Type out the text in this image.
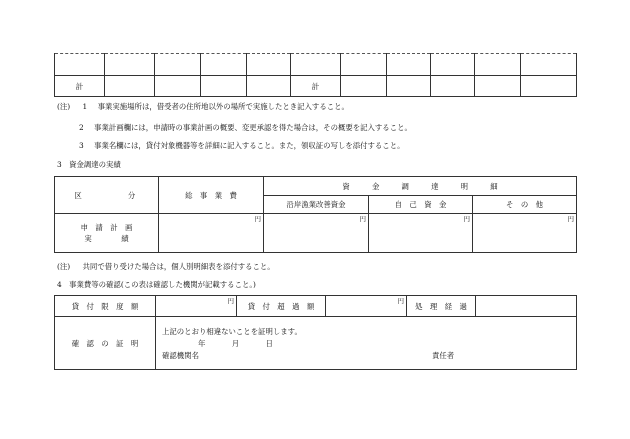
計					計					
(注) 1 事業実施場所は，借受者の住所地以外の場所で実施したとき記入すること。
2 事業計画欄には，申請時の事業計画の概要、変更承認を得た場合は，その概要を記入すること。
3 事業名欄には，貸付対象機器等を詳細に記入すること。また，領収証の写しを添付すること。
3　資金調達の実績
区　　　　分	総　事　業　費	資　　　金　　　調　　　達　　　明　　　細		
		沿岸漁業改善資金	自　己　資　金	そ　の　他

申　請　計　画
実　　　　績	円	円	円	円
(注) 共同で借り受けた場合は，個人別明細表を添付すること。
4　事業費等の確認(この表は確認した機関が記載すること。)
貸　付　限　度　額	円	貸　付　超　過　額	円	処　理　経　過	
確　認　の　証　明	上記のとおり相違ないことを証明します。
年 月 日
確認機関名 責任者				
